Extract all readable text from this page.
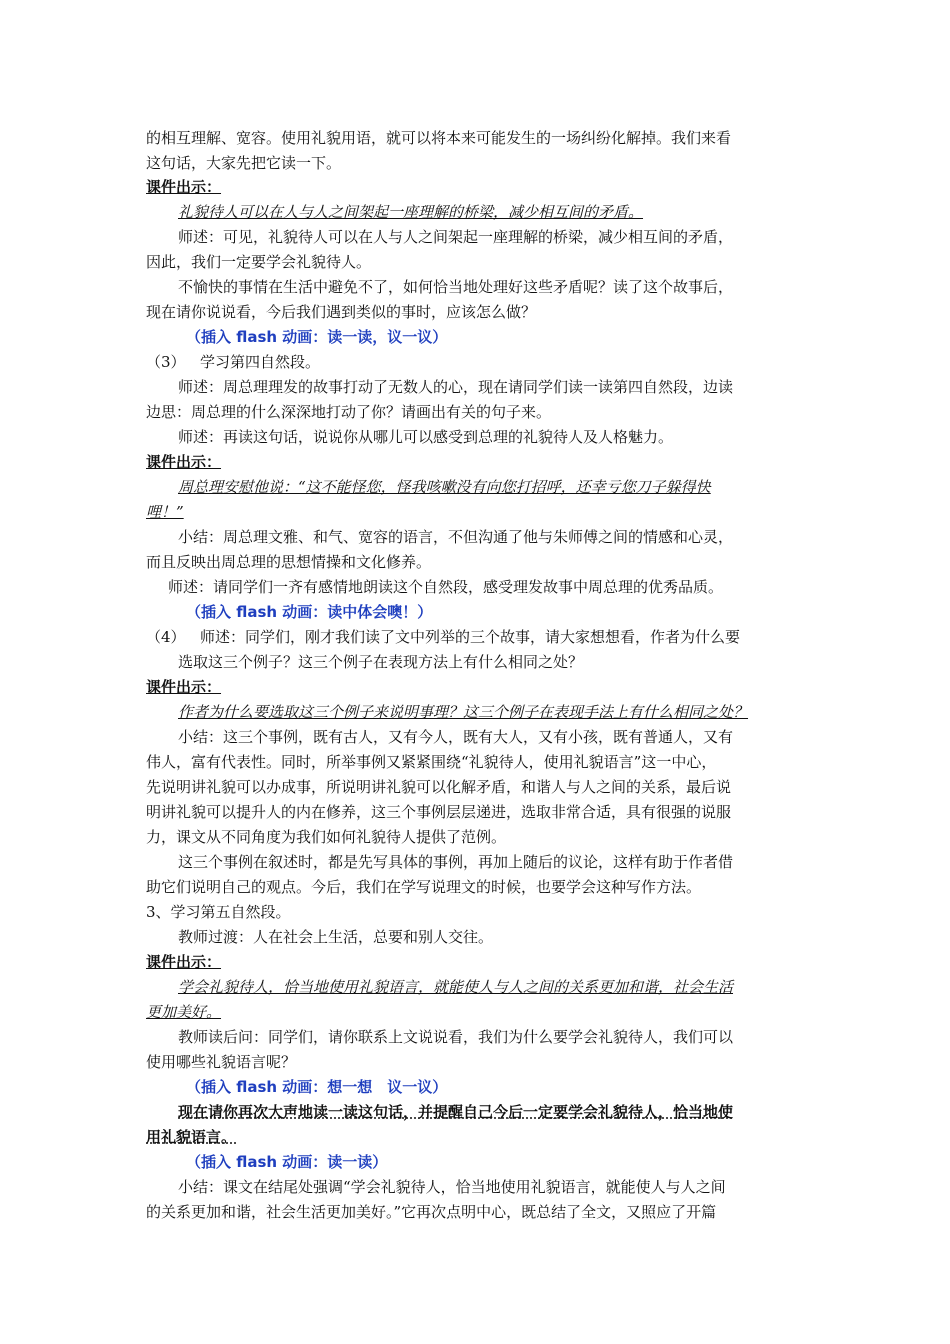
的相互理解、宽容。使用礼貌用语，就可以将本来可能发生的一场纠纷化解掉。我们来看
这句话，大家先把它读一下。
课件出示：
礼貌待人可以在人与人之间架起一座理解的桥梁，减少相互间的矛盾。
师述：可见，礼貌待人可以在人与人之间架起一座理解的桥梁，减少相互间的矛盾，
因此，我们一定要学会礼貌待人。
不愉快的事情在生活中避免不了，如何恰当地处理好这些矛盾呢？读了这个故事后，
现在请你说说看，今后我们遇到类似的事时，应该怎么做？
（插入 flash 动画：读一读，议一议）
（3） 学习第四自然段。
师述：周总理理发的故事打动了无数人的心，现在请同学们读一读第四自然段，边读
边思：周总理的什么深深地打动了你？请画出有关的句子来。
师述：再读这句话，说说你从哪儿可以感受到总理的礼貌待人及人格魅力。
课件出示：
周总理安慰他说：“这不能怪您，怪我咳嗽没有向您打招呼，还幸亏您刀子躲得快
哩！”
小结：周总理文雅、和气、宽容的语言，不但沟通了他与朱师傅之间的情感和心灵，
而且反映出周总理的思想情操和文化修养。
师述：请同学们一齐有感情地朗读这个自然段，感受理发故事中周总理的优秀品质。
（插入 flash 动画：读中体会噢！）
（4） 师述：同学们，刚才我们读了文中列举的三个故事，请大家想想看，作者为什么要
选取这三个例子？这三个例子在表现方法上有什么相同之处？
课件出示：
作者为什么要选取这三个例子来说明事理？这三个例子在表现手法上有什么相同之处？
小结：这三个事例，既有古人，又有今人，既有大人，又有小孩，既有普通人，又有
伟人，富有代表性。同时，所举事例又紧紧围绕“礼貌待人，使用礼貌语言”这一中心，
先说明讲礼貌可以办成事，所说明讲礼貌可以化解矛盾，和谐人与人之间的关系，最后说
明讲礼貌可以提升人的内在修养，这三个事例层层递进，选取非常合适，具有很强的说服
力，课文从不同角度为我们如何礼貌待人提供了范例。
这三个事例在叙述时，都是先写具体的事例，再加上随后的议论，这样有助于作者借
助它们说明自己的观点。今后，我们在学写说理文的时候，也要学会这种写作方法。
3、学习第五自然段。
教师过渡：人在社会上生活，总要和别人交往。
课件出示：
学会礼貌待人，恰当地使用礼貌语言，就能使人与人之间的关系更加和谐，社会生活
更加美好。
教师读后问：同学们，请你联系上文说说看，我们为什么要学会礼貌待人，我们可以
使用哪些礼貌语言呢？
（插入 flash 动画：想一想　议一议）
现在请你再次大声地读一读这句话，并提醒自己今后一定要学会礼貌待人，恰当地使
用礼貌语言。
（插入 flash 动画：读一读）
小结：课文在结尾处强调“学会礼貌待人，恰当地使用礼貌语言，就能使人与人之间
的关系更加和谐，社会生活更加美好。”它再次点明中心，既总结了全文，又照应了开篇
